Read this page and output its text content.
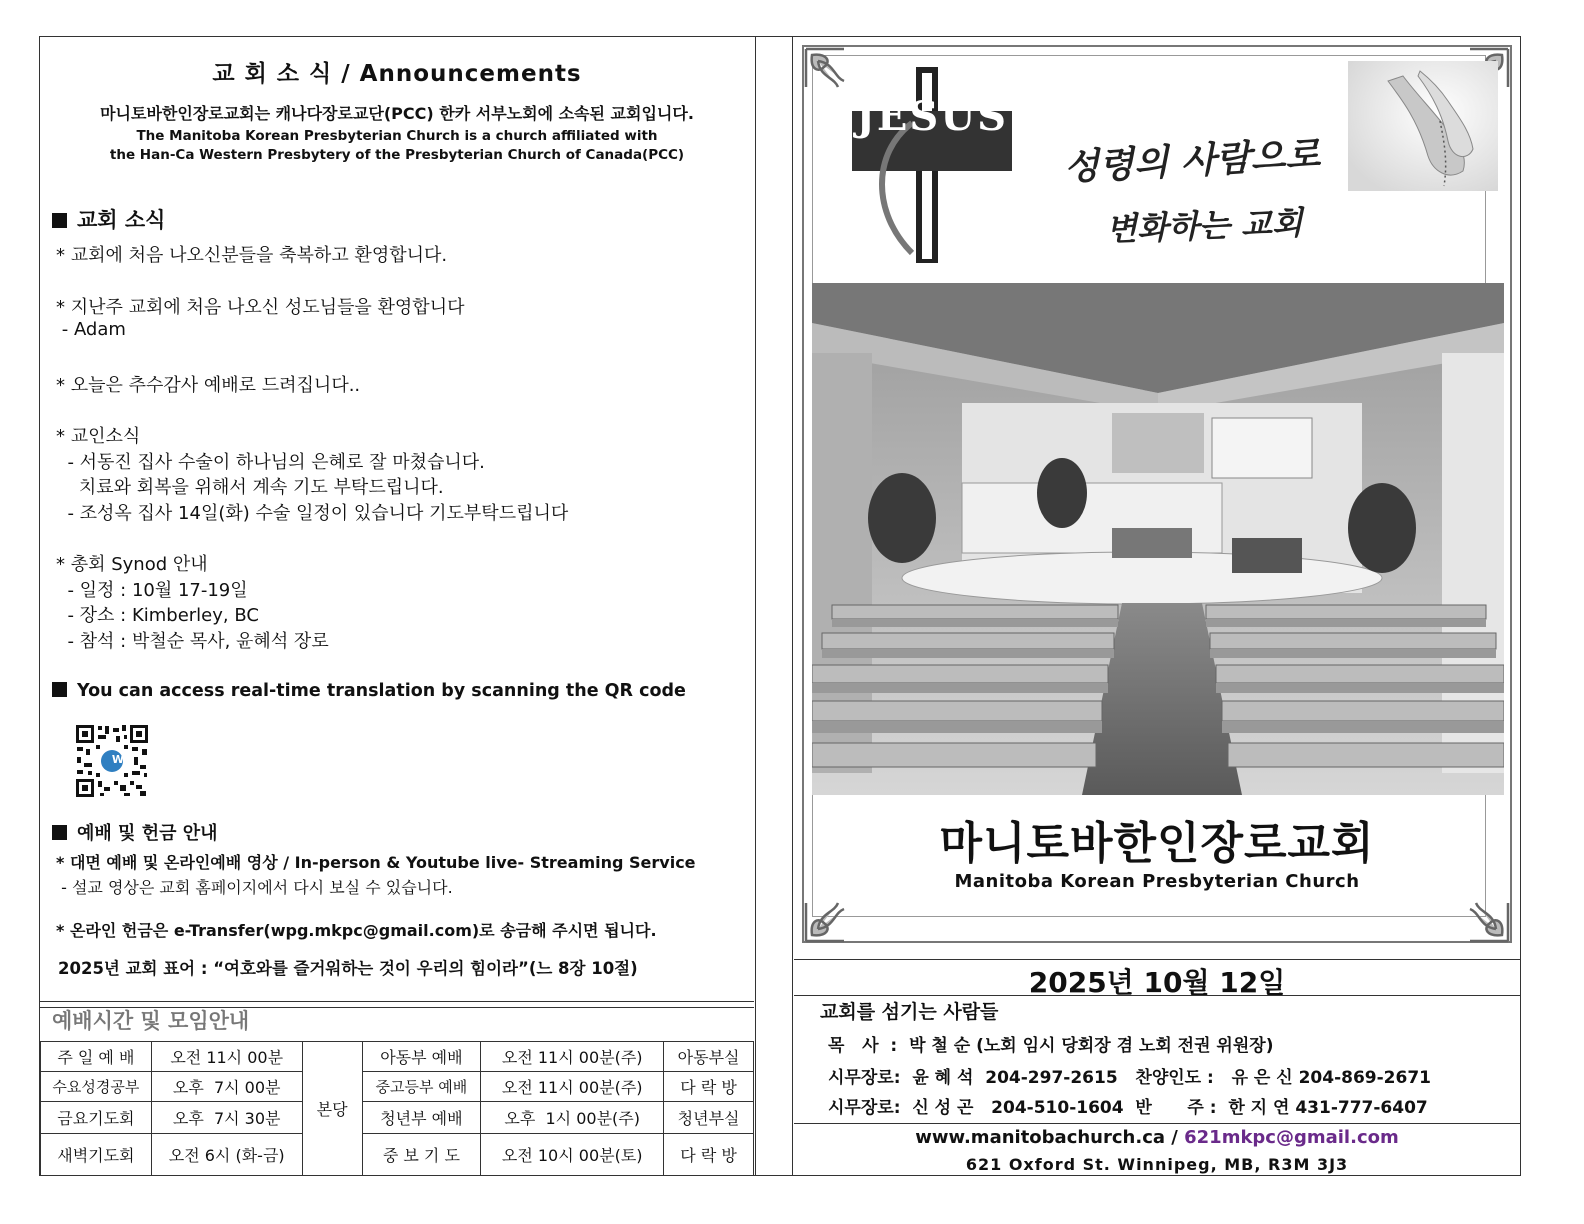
교 회 소 식 / Announcements
마니토바한인장로교회는 캐나다장로교단(PCC) 한카 서부노회에 소속된 교회입니다.
The Manitoba Korean Presbyterian Church is a church affiliated with
the Han-Ca Western Presbytery of the Presbyterian Church of Canada(PCC)
교회 소식
* 교회에 처음 나오신분들을 축복하고 환영합니다.
* 지난주 교회에 처음 나오신 성도님들을 환영합니다
- Adam
* 오늘은 추수감사 예배로 드려집니다..
* 교인소식
- 서동진 집사 수술이 하나님의 은혜로 잘 마쳤습니다.
치료와 회복을 위해서 계속 기도 부탁드립니다.
- 조성옥 집사 14일(화) 수술 일정이 있습니다 기도부탁드립니다
* 총회 Synod 안내
- 일정 : 10월 17-19일
- 장소 : Kimberley, BC
- 참석 : 박철순 목사, 윤혜석 장로
You can access real-time translation by scanning the QR code
W
예배 및 헌금 안내
* 대면 예배 및 온라인예배 영상 / In-person & Youtube live- Streaming Service
- 설교 영상은 교회 홈페이지에서 다시 보실 수 있습니다.
* 온라인 헌금은 e-Transfer(wpg.mkpc@gmail.com)로 송금해 주시면 됩니다.
2025년 교회 표어 : “여호와를 즐거워하는 것이 우리의 힘이라”(느 8장 10절)
예배시간 및 모임안내
주 일 예 배	오전 11시 00분	본당	아동부 예배	오전 11시 00분(주)	아동부실
수요성경공부	오후  7시 00분		중고등부 예배	오전 11시 00분(주)	다 락 방
금요기도회	오후  7시 30분		청년부 예배	오후  1시 00분(주)	청년부실
새벽기도회	오전 6시 (화-금)		중 보 기 도	오전 10시 00분(토)	다 락 방
JESUS
성령의 사람으로
변화하는 교회
마니토바한인장로교회
Manitoba Korean Presbyterian Church
2025년 10월 12일
교회를 섬기는 사람들
목   사  :  박 철 순 (노회 임시 당회장 겸 노회 전권 위원장)
시무장로:  윤 혜 석  204-297-2615   찬양인도 :   유 은 신 204-869-2671
시무장로:  신 성 곤   204-510-1604  반      주 :  한 지 연 431-777-6407
www.manitobachurch.ca / 621mkpc@gmail.com
621 Oxford St. Winnipeg, MB, R3M 3J3
